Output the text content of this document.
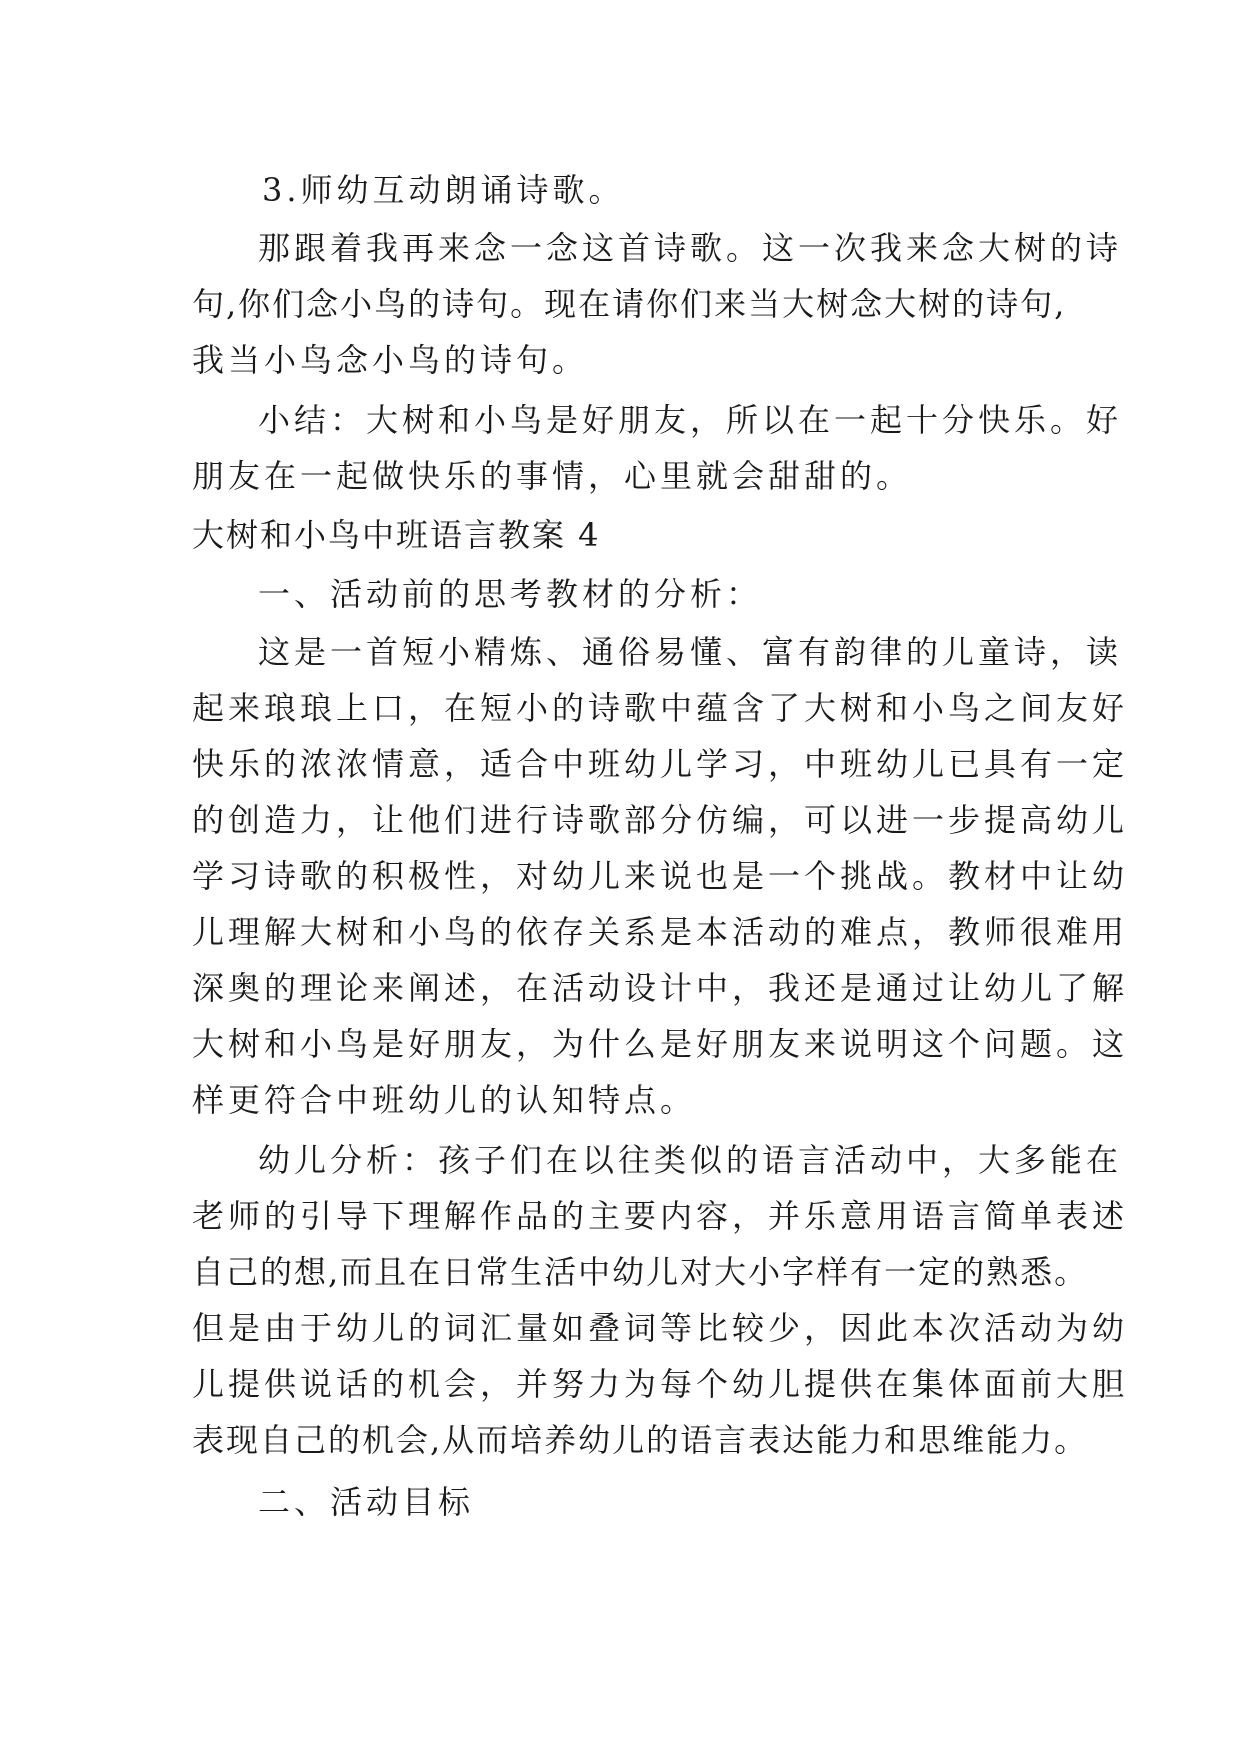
3.师幼互动朗诵诗歌。
那跟着我再来念一念这首诗歌。这一次我来念大树的诗
句,你们念小鸟的诗句。现在请你们来当大树念大树的诗句,
我当小鸟念小鸟的诗句。
小结：大树和小鸟是好朋友，所以在一起十分快乐。好
朋友在一起做快乐的事情，心里就会甜甜的。
大树和小鸟中班语言教案 4
一、活动前的思考教材的分析：
这是一首短小精炼、通俗易懂、富有韵律的儿童诗，读
起来琅琅上口，在短小的诗歌中蕴含了大树和小鸟之间友好
快乐的浓浓情意，适合中班幼儿学习，中班幼儿已具有一定
的创造力，让他们进行诗歌部分仿编，可以进一步提高幼儿
学习诗歌的积极性，对幼儿来说也是一个挑战。教材中让幼
儿理解大树和小鸟的依存关系是本活动的难点，教师很难用
深奥的理论来阐述，在活动设计中，我还是通过让幼儿了解
大树和小鸟是好朋友，为什么是好朋友来说明这个问题。这
样更符合中班幼儿的认知特点。
幼儿分析：孩子们在以往类似的语言活动中，大多能在
老师的引导下理解作品的主要内容，并乐意用语言简单表述
自己的想,而且在日常生活中幼儿对大小字样有一定的熟悉。
但是由于幼儿的词汇量如叠词等比较少，因此本次活动为幼
儿提供说话的机会，并努力为每个幼儿提供在集体面前大胆
表现自己的机会,从而培养幼儿的语言表达能力和思维能力。
二、活动目标
